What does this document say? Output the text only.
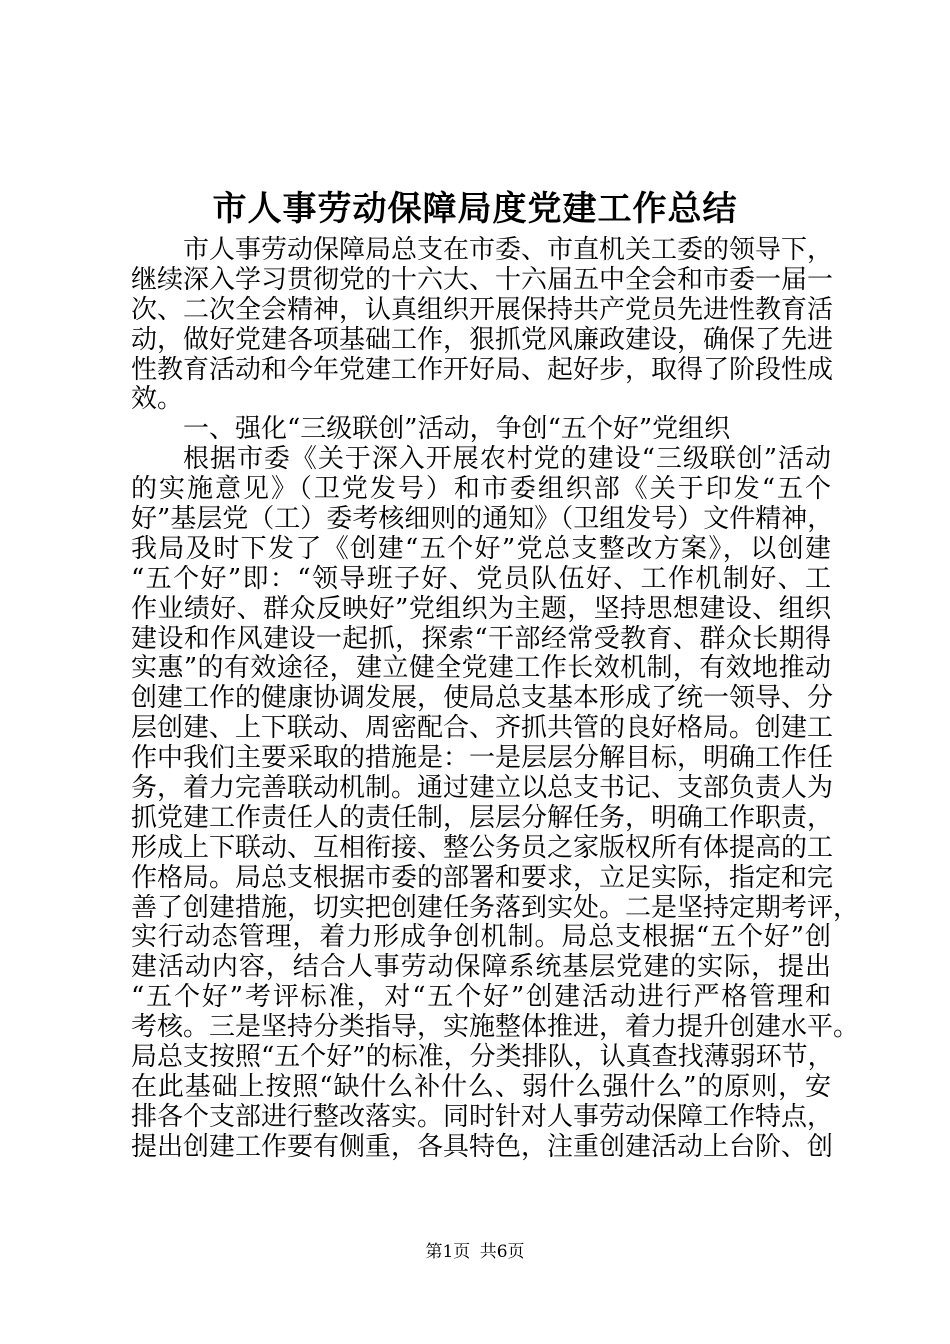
市人事劳动保障局度党建工作总结
市人事劳动保障局总支在市委、市直机关工委的领导下，
继续深入学习贯彻党的十六大、十六届五中全会和市委一届一
次、二次全会精神，认真组织开展保持共产党员先进性教育活
动，做好党建各项基础工作，狠抓党风廉政建设，确保了先进
性教育活动和今年党建工作开好局、起好步，取得了阶段性成
效。
一、强化“三级联创”活动，争创“五个好”党组织
根据市委《关于深入开展农村党的建设“三级联创”活动
的实施意见》（卫党发号）和市委组织部《关于印发“五个
好”基层党（工）委考核细则的通知》（卫组发号）文件精神，
我局及时下发了《创建“五个好”党总支整改方案》，以创建
“五个好”即：“领导班子好、党员队伍好、工作机制好、工
作业绩好、群众反映好”党组织为主题，坚持思想建设、组织
建设和作风建设一起抓，探索“干部经常受教育、群众长期得
实惠”的有效途径，建立健全党建工作长效机制，有效地推动
创建工作的健康协调发展，使局总支基本形成了统一领导、分
层创建、上下联动、周密配合、齐抓共管的良好格局。创建工
作中我们主要采取的措施是：一是层层分解目标，明确工作任
务，着力完善联动机制。通过建立以总支书记、支部负责人为
抓党建工作责任人的责任制，层层分解任务，明确工作职责，
形成上下联动、互相衔接、整公务员之家版权所有体提高的工
作格局。局总支根据市委的部署和要求，立足实际，指定和完
善了创建措施，切实把创建任务落到实处。二是坚持定期考评，
实行动态管理，着力形成争创机制。局总支根据“五个好”创
建活动内容，结合人事劳动保障系统基层党建的实际，提出
“五个好”考评标准，对“五个好”创建活动进行严格管理和
考核。三是坚持分类指导，实施整体推进，着力提升创建水平。
局总支按照“五个好”的标准，分类排队，认真查找薄弱环节，
在此基础上按照“缺什么补什么、弱什么强什么”的原则，安
排各个支部进行整改落实。同时针对人事劳动保障工作特点，
提出创建工作要有侧重，各具特色，注重创建活动上台阶、创
第1页 共6页
